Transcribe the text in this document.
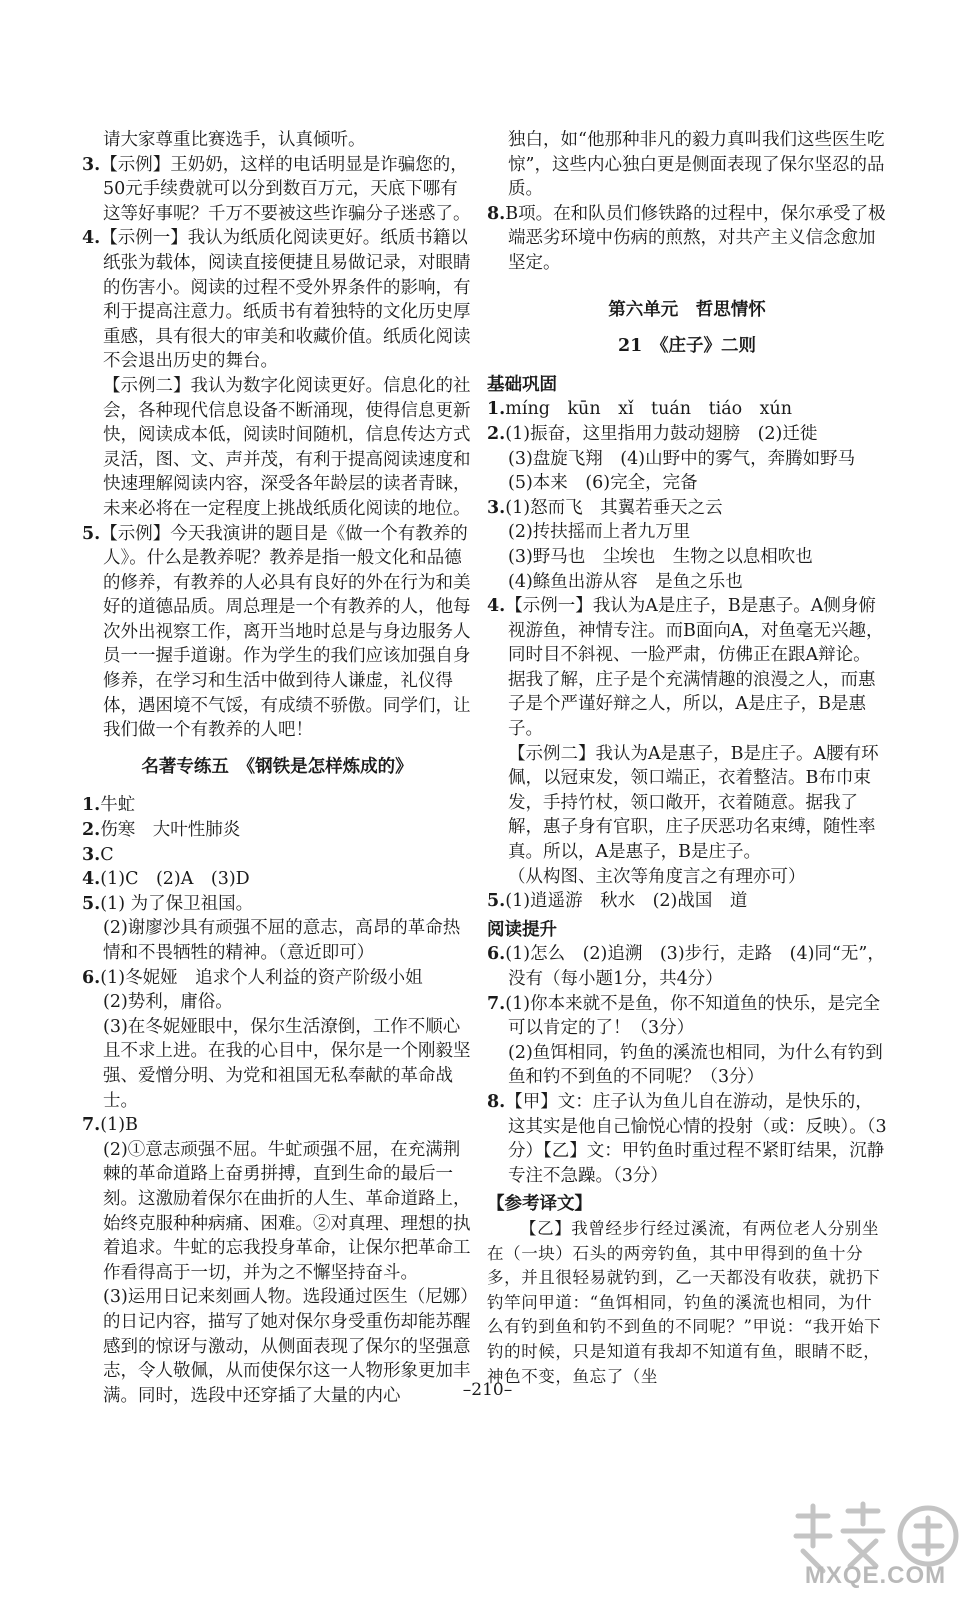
请大家尊重比赛选手，认真倾听。

3.【示例】王奶奶，这样的电话明显是诈骗您的，50元手续费就可以分到数百万元，天底下哪有这等好事呢？千万不要被这些诈骗分子迷惑了。

4.【示例一】我认为纸质化阅读更好。纸质书籍以纸张为载体，阅读直接便捷且易做记录，对眼睛的伤害小。阅读的过程不受外界条件的影响，有利于提高注意力。纸质书有着独特的文化历史厚重感，具有很大的审美和收藏价值。纸质化阅读不会退出历史的舞台。

【示例二】我认为数字化阅读更好。信息化的社会，各种现代信息设备不断涌现，使得信息更新快，阅读成本低，阅读时间随机，信息传达方式灵活，图、文、声并茂，有利于提高阅读速度和快速理解阅读内容，深受各年龄层的读者青睐，未来必将在一定程度上挑战纸质化阅读的地位。

5.【示例】今天我演讲的题目是《做一个有教养的人》。什么是教养呢？教养是指一般文化和品德的修养，有教养的人必具有良好的外在行为和美好的道德品质。周总理是一个有教养的人，他每次外出视察工作，离开当地时总是与身边服务人员一一握手道谢。作为学生的我们应该加强自身修养，在学习和生活中做到待人谦虚，礼仪得体，遇困境不气馁，有成绩不骄傲。同学们，让我们做一个有教养的人吧！

名著专练五　《钢铁是怎样炼成的》

1.牛虻

2.伤寒　大叶性肺炎

3.C

4.(1)C　(2)A　(3)D

5.(1) 为了保卫祖国。

(2)谢廖沙具有顽强不屈的意志，高昂的革命热情和不畏牺牲的精神。（意近即可）

6.(1)冬妮娅　追求个人利益的资产阶级小姐

(2)势利，庸俗。

(3)在冬妮娅眼中，保尔生活潦倒，工作不顺心且不求上进。在我的心目中，保尔是一个刚毅坚强、爱憎分明、为党和祖国无私奉献的革命战士。

7.(1)B

(2)①意志顽强不屈。牛虻顽强不屈，在充满荆棘的革命道路上奋勇拼搏，直到生命的最后一刻。这激励着保尔在曲折的人生、革命道路上，始终克服种种病痛、困难。②对真理、理想的执着追求。牛虻的忘我投身革命，让保尔把革命工作看得高于一切，并为之不懈坚持奋斗。

(3)运用日记来刻画人物。选段通过医生（尼娜）的日记内容，描写了她对保尔身受重伤却能苏醒感到的惊讶与激动，从侧面表现了保尔的坚强意志，令人敬佩，从而使保尔这一人物形象更加丰满。同时，选段中还穿插了大量的内心

独白，如“他那种非凡的毅力真叫我们这些医生吃惊”，这些内心独白更是侧面表现了保尔坚忍的品质。

8.B项。在和队员们修铁路的过程中，保尔承受了极端恶劣环境中伤病的煎熬，对共产主义信念愈加坚定。

第六单元　哲思情怀
21　《庄子》二则
基础巩固

1.míng　kūn　xǐ　tuán　tiáo　xún

2.(1)振奋，这里指用力鼓动翅膀　(2)迁徙

(3)盘旋飞翔　(4)山野中的雾气，奔腾如野马

(5)本来　(6)完全，完备

3.(1)怒而飞　其翼若垂天之云

(2)抟扶摇而上者九万里

(3)野马也　尘埃也　生物之以息相吹也

(4)鲦鱼出游从容　是鱼之乐也

4.【示例一】我认为A是庄子，B是惠子。A侧身俯视游鱼，神情专注。而B面向A，对鱼毫无兴趣，同时目不斜视、一脸严肃，仿佛正在跟A辩论。据我了解，庄子是个充满情趣的浪漫之人，而惠子是个严谨好辩之人，所以，A是庄子，B是惠子。

【示例二】我认为A是惠子，B是庄子。A腰有环佩，以冠束发，领口端正，衣着整洁。B布巾束发，手持竹杖，领口敞开，衣着随意。据我了解，惠子身有官职，庄子厌恶功名束缚，随性率真。所以，A是惠子，B是庄子。

（从构图、主次等角度言之有理亦可）

5.(1)逍遥游　秋水　(2)战国　道

阅读提升

6.(1)怎么　(2)追溯　(3)步行，走路　(4)同“无”，没有（每小题1分，共4分）

7.(1)你本来就不是鱼，你不知道鱼的快乐，是完全可以肯定的了！（3分）

(2)鱼饵相同，钓鱼的溪流也相同，为什么有钓到鱼和钓不到鱼的不同呢？（3分）

8.【甲】文：庄子认为鱼儿自在游动，是快乐的，这其实是他自己愉悦心情的投射（或：反映）。（3分）【乙】文：甲钓鱼时重过程不紧盯结果，沉静专注不急躁。（3分）

【参考译文】

【乙】我曾经步行经过溪流，有两位老人分别坐在（一块）石头的两旁钓鱼，其中甲得到的鱼十分多，并且很轻易就钓到，乙一天都没有收获，就扔下钓竿问甲道：“鱼饵相同，钓鱼的溪流也相同，为什么有钓到鱼和钓不到鱼的不同呢？”甲说：“我开始下钓的时候，只是知道有我却不知道有鱼，眼睛不眨，神色不变，鱼忘了（坐

–210–
MXQE.COM
